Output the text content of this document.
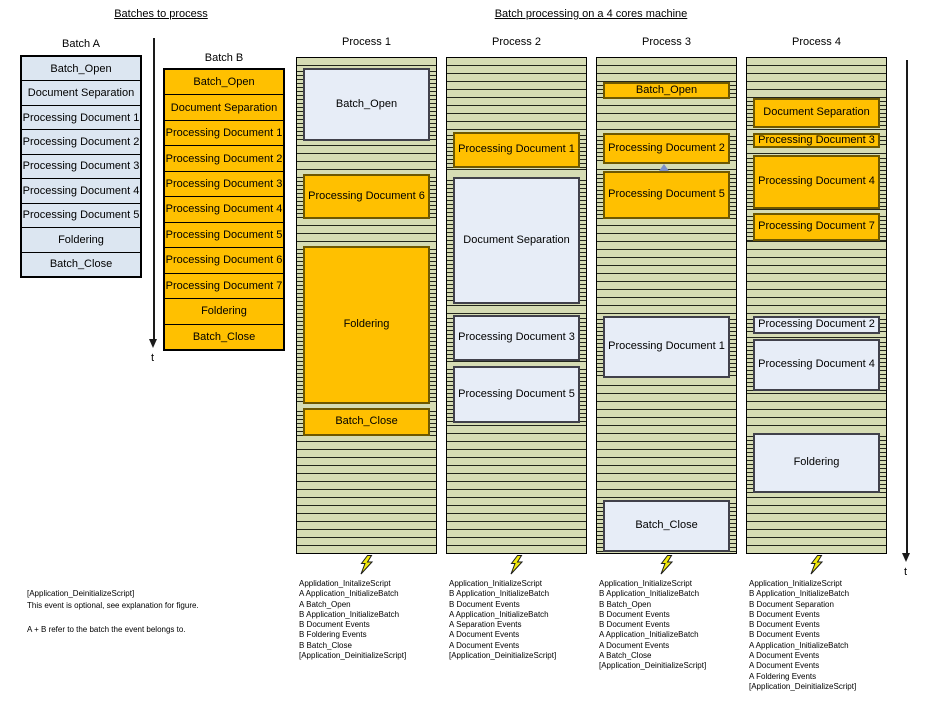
Batches to process	Batch processing on a 4 cores machine
Batch A
Batch_Open
Document Separation
Processing Document 1
Processing Document 2
Processing Document 3
Processing Document 4
Processing Document 5
Foldering
Batch_Close
t
Batch B
Batch_Open
Document Separation
Processing Document 1
Processing Document 2
Processing Document 3
Processing Document 4
Processing Document 5
Processing Document 6
Processing Document 7
Foldering
Batch_Close
Process 1
Batch_Open
Processing Document 6
Foldering
Batch_Close
Applidation_InitalizeScript
A Application_InitializeBatch
A Batch_Open
B Application_InitializeBatch
B Document Events
B Foldering Events
B Batch_Close
[Application_DeinitializeScript]
Process 2
Processing Document 1
Document Separation
Processing Document 3
Processing Document 5
Application_InitializeScript
B Application_InitializeBatch
B Document Events
A Application_InitializeBatch
A Separation Events
A Document Events
A Document Events
[Application_DeinitializeScript]
Process 3
Batch_Open
Processing Document 2
Processing Document 5
Processing Document 1
Batch_Close
Application_InitializeScript
B Application_InitializeBatch
B Batch_Open
B Document Events
B Document Events
A Application_InitializeBatch
A Document Events
A Batch_Close
[Application_DeinitializeScript]
Process 4
Document Separation
Processing Document 3
Processing Document 4
Processing Document 7
Processing Document 2
Processing Document 4
Foldering
Application_InitializeScript
B Application_InitializeBatch
B Document Separation
B Document Events
B Document Events
B Document Events
A Application_InitializeBatch
A Document Events
A Document Events
A Foldering Events
[Application_DeinitializeScript]
t
[Application_DeinitializeScript]
This event is optional, see explanation for figure.
A + B refer to the batch the event belongs to.
